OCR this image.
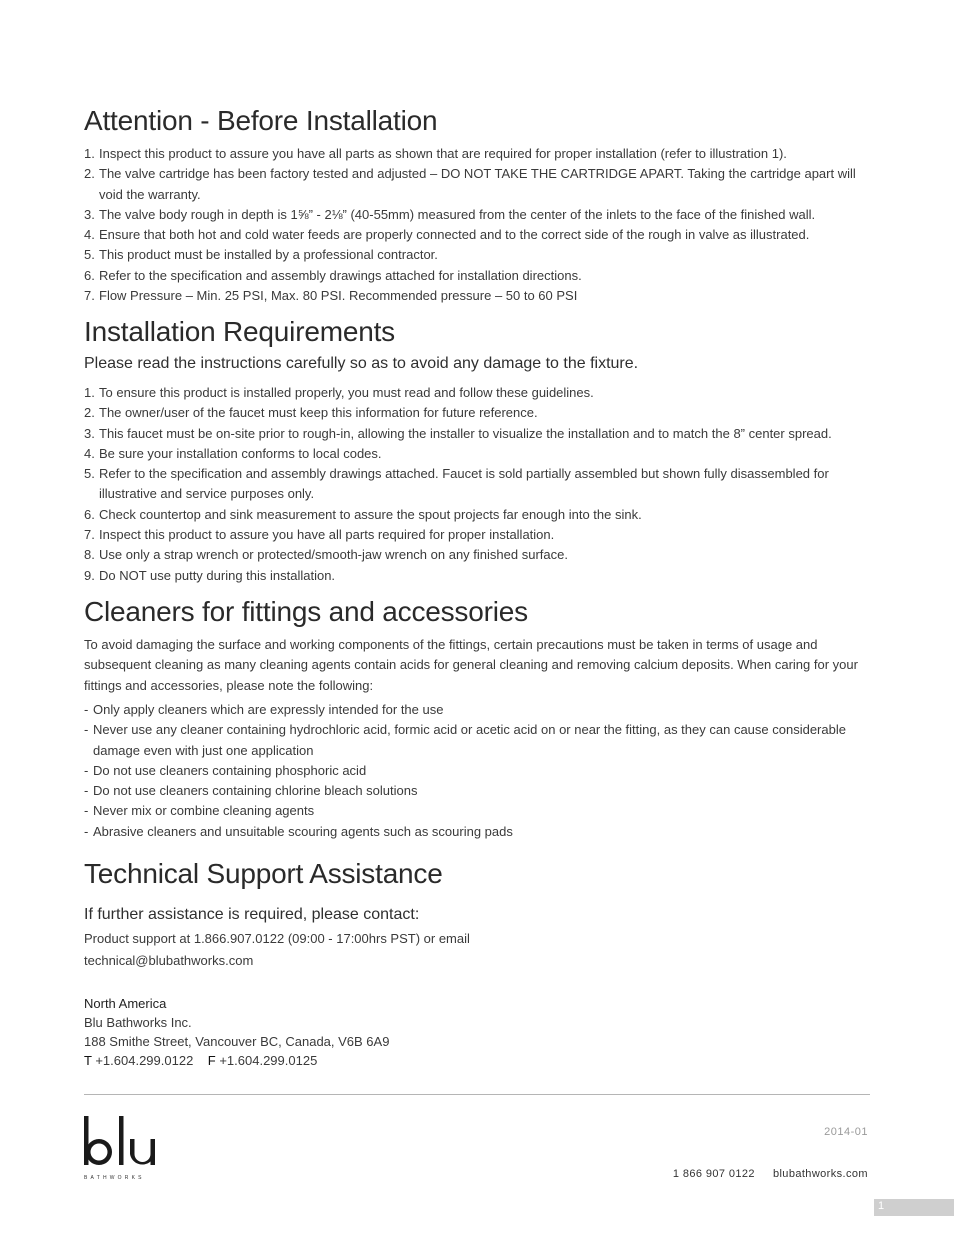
Attention - Before Installation
1. Inspect this product to assure you have all parts as shown that are required for proper installation (refer to illustration 1).
2. The valve cartridge has been factory tested and adjusted – DO NOT TAKE THE CARTRIDGE APART. Taking the cartridge apart will void the warranty.
3. The valve body rough in depth is 1⅝” - 2⅛” (40-55mm) measured from the center of the inlets to the face of the finished wall.
4. Ensure that both hot and cold water feeds are properly connected and to the correct side of the rough in valve as illustrated.
5. This product must be installed by a professional contractor.
6. Refer to the specification and assembly drawings attached for installation directions.
7. Flow Pressure – Min. 25 PSI, Max. 80 PSI. Recommended pressure – 50 to 60 PSI
Installation Requirements

Please read the instructions carefully so as to avoid any damage to the fixture.

1. To ensure this product is installed properly, you must read and follow these guidelines.
2. The owner/user of the faucet must keep this information for future reference.
3. This faucet must be on-site prior to rough-in, allowing the installer to visualize the installation and to match the 8” center spread.
4. Be sure your installation conforms to local codes.
5. Refer to the specification and assembly drawings attached. Faucet is sold partially assembled but shown fully disassembled for illustrative and service purposes only.
6. Check countertop and sink measurement to assure the spout projects far enough into the sink.
7. Inspect this product to assure you have all parts required for proper installation.
8. Use only a strap wrench or protected/smooth-jaw wrench on any finished surface.
9. Do NOT use putty during this installation.
Cleaners for fittings and accessories

To avoid damaging the surface and working components of the fittings, certain precautions must be taken in terms of usage and subsequent cleaning as many cleaning agents contain acids for general cleaning and removing calcium deposits. When caring for your fittings and accessories, please note the following:

- Only apply cleaners which are expressly intended for the use
- Never use any cleaner containing hydrochloric acid, formic acid or acetic acid on or near the fitting, as they can cause considerable damage even with just one application
- Do not use cleaners containing phosphoric acid
- Do not use cleaners containing chlorine bleach solutions
- Never mix or combine cleaning agents
- Abrasive cleaners and unsuitable scouring agents such as scouring pads
Technical Support Assistance

If further assistance is required, please contact:

Product support at 1.866.907.0122 (09:00 - 17:00hrs PST) or email
technical@blubathworks.com

North America
Blu Bathworks Inc.
188 Smithe Street, Vancouver BC, Canada, V6B 6A9
T +1.604.299.0122 F +1.604.299.0125
BATHWORKS
2014-01
1 866 907 0122 blubathworks.com
1
